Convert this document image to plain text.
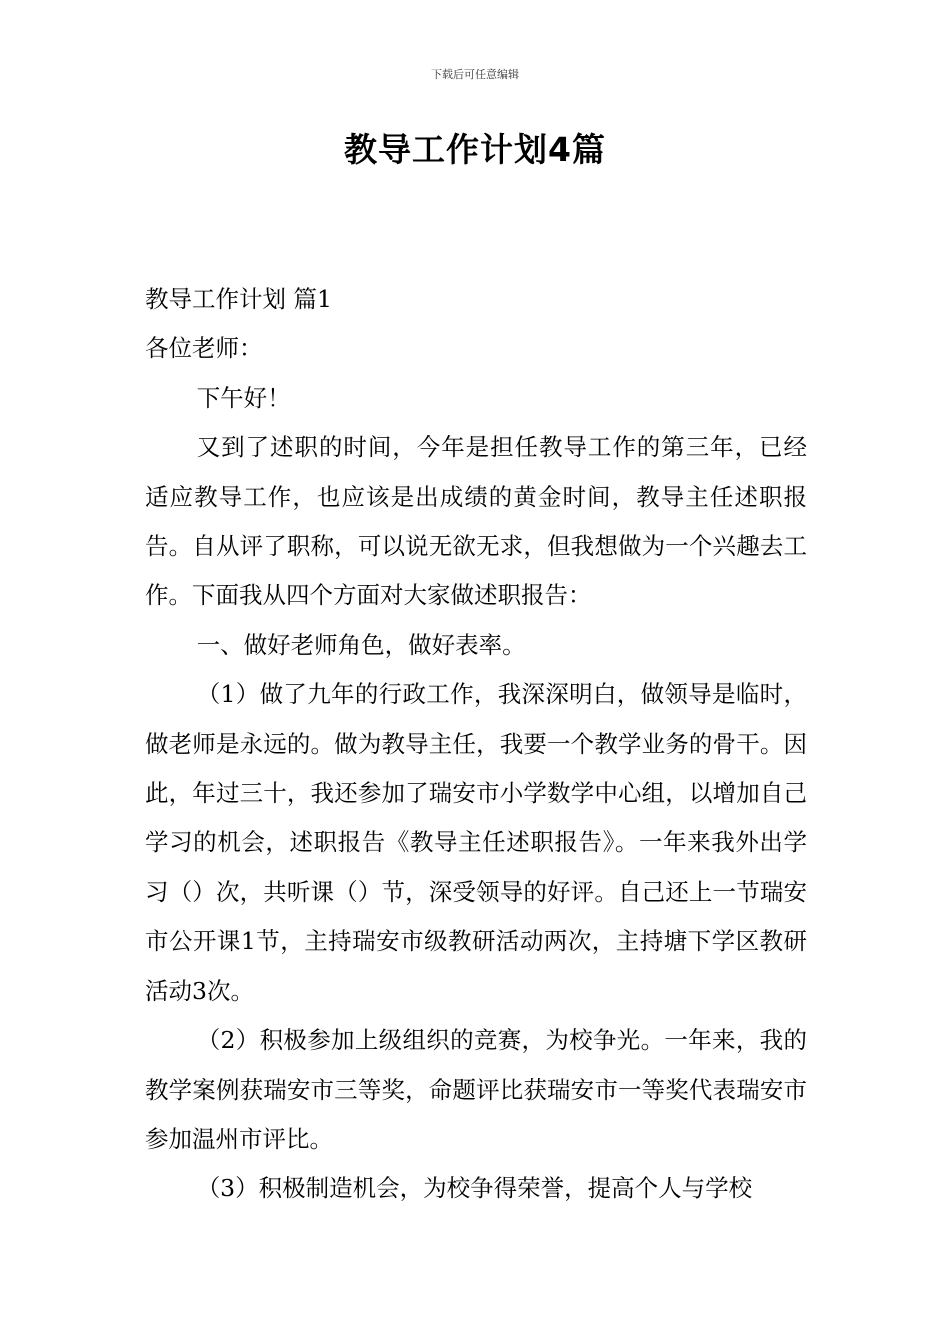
下载后可任意编辑
教导工作计划4篇

教导工作计划 篇1

各位老师：

下午好！

又到了述职的时间，今年是担任教导工作的第三年，已经适应教导工作，也应该是出成绩的黄金时间，教导主任述职报告。自从评了职称，可以说无欲无求，但我想做为一个兴趣去工作。下面我从四个方面对大家做述职报告：

一、做好老师角色，做好表率。

（1）做了九年的行政工作，我深深明白，做领导是临时，做老师是永远的。做为教导主任，我要一个教学业务的骨干。因此，年过三十，我还参加了瑞安市小学数学中心组，以增加自己学习的机会，述职报告《教导主任述职报告》。一年来我外出学习（）次，共听课（）节，深受领导的好评。自己还上一节瑞安市公开课1节，主持瑞安市级教研活动两次，主持塘下学区教研活动3次。

（2）积极参加上级组织的竞赛，为校争光。一年来，我的教学案例获瑞安市三等奖，命题评比获瑞安市一等奖代表瑞安市参加温州市评比。

（3）积极制造机会，为校争得荣誉，提高个人与学校
